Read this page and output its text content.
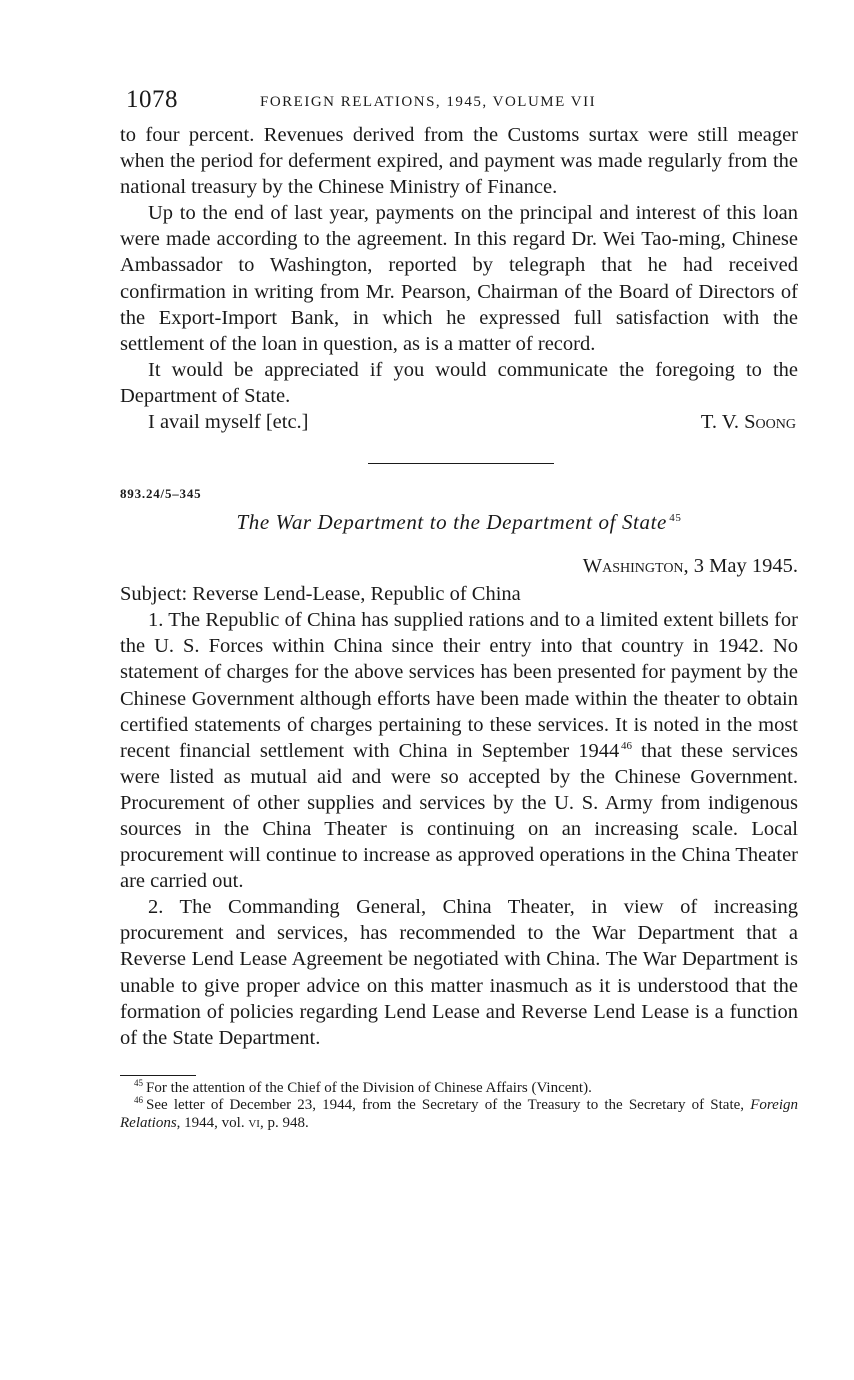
1078	FOREIGN RELATIONS, 1945, VOLUME VII

to four percent. Revenues derived from the Customs surtax were still meager when the period for deferment expired, and payment was made regularly from the national treasury by the Chinese Ministry of Finance.

Up to the end of last year, payments on the principal and interest of this loan were made according to the agreement. In this regard Dr. Wei Tao-ming, Chinese Ambassador to Washington, reported by telegraph that he had received confirmation in writing from Mr. Pearson, Chairman of the Board of Directors of the Export-Import Bank, in which he expressed full satisfaction with the settlement of the loan in question, as is a matter of record.

It would be appreciated if you would communicate the foregoing to the Department of State.

I avail myself [etc.]	T. V. Soong
893.24/5–345
The War Department to the Department of State  $^{45}$
Washington, 3 May 1945.
Subject: Reverse Lend-Lease, Republic of China

1. The Republic of China has supplied rations and to a limited extent billets for the U. S. Forces within China since their entry into that country in 1942. No statement of charges for the above services has been presented for payment by the Chinese Government although efforts have been made within the theater to obtain certified statements of charges pertaining to these services. It is noted in the most recent financial settlement with China in September 1944  $^{46}$ that these services were listed as mutual aid and were so accepted by the Chinese Government. Procurement of other supplies and services by the U. S. Army from indigenous sources in the China Theater is continuing on an increasing scale. Local procurement will continue to increase as approved operations in the China Theater are carried out.

2. The Commanding General, China Theater, in view of increasing procurement and services, has recommended to the War Department that a Reverse Lend Lease Agreement be negotiated with China. The War Department is unable to give proper advice on this matter inasmuch as it is understood that the formation of policies regarding Lend Lease and Reverse Lend Lease is a function of the State Department.

$^{45}$  For the attention of the Chief of the Division of Chinese Affairs (Vincent).

$^{46}$  See letter of December 23, 1944, from the Secretary of the Treasury to the Secretary of State, Foreign Relations, 1944, vol. vi, p. 948.
